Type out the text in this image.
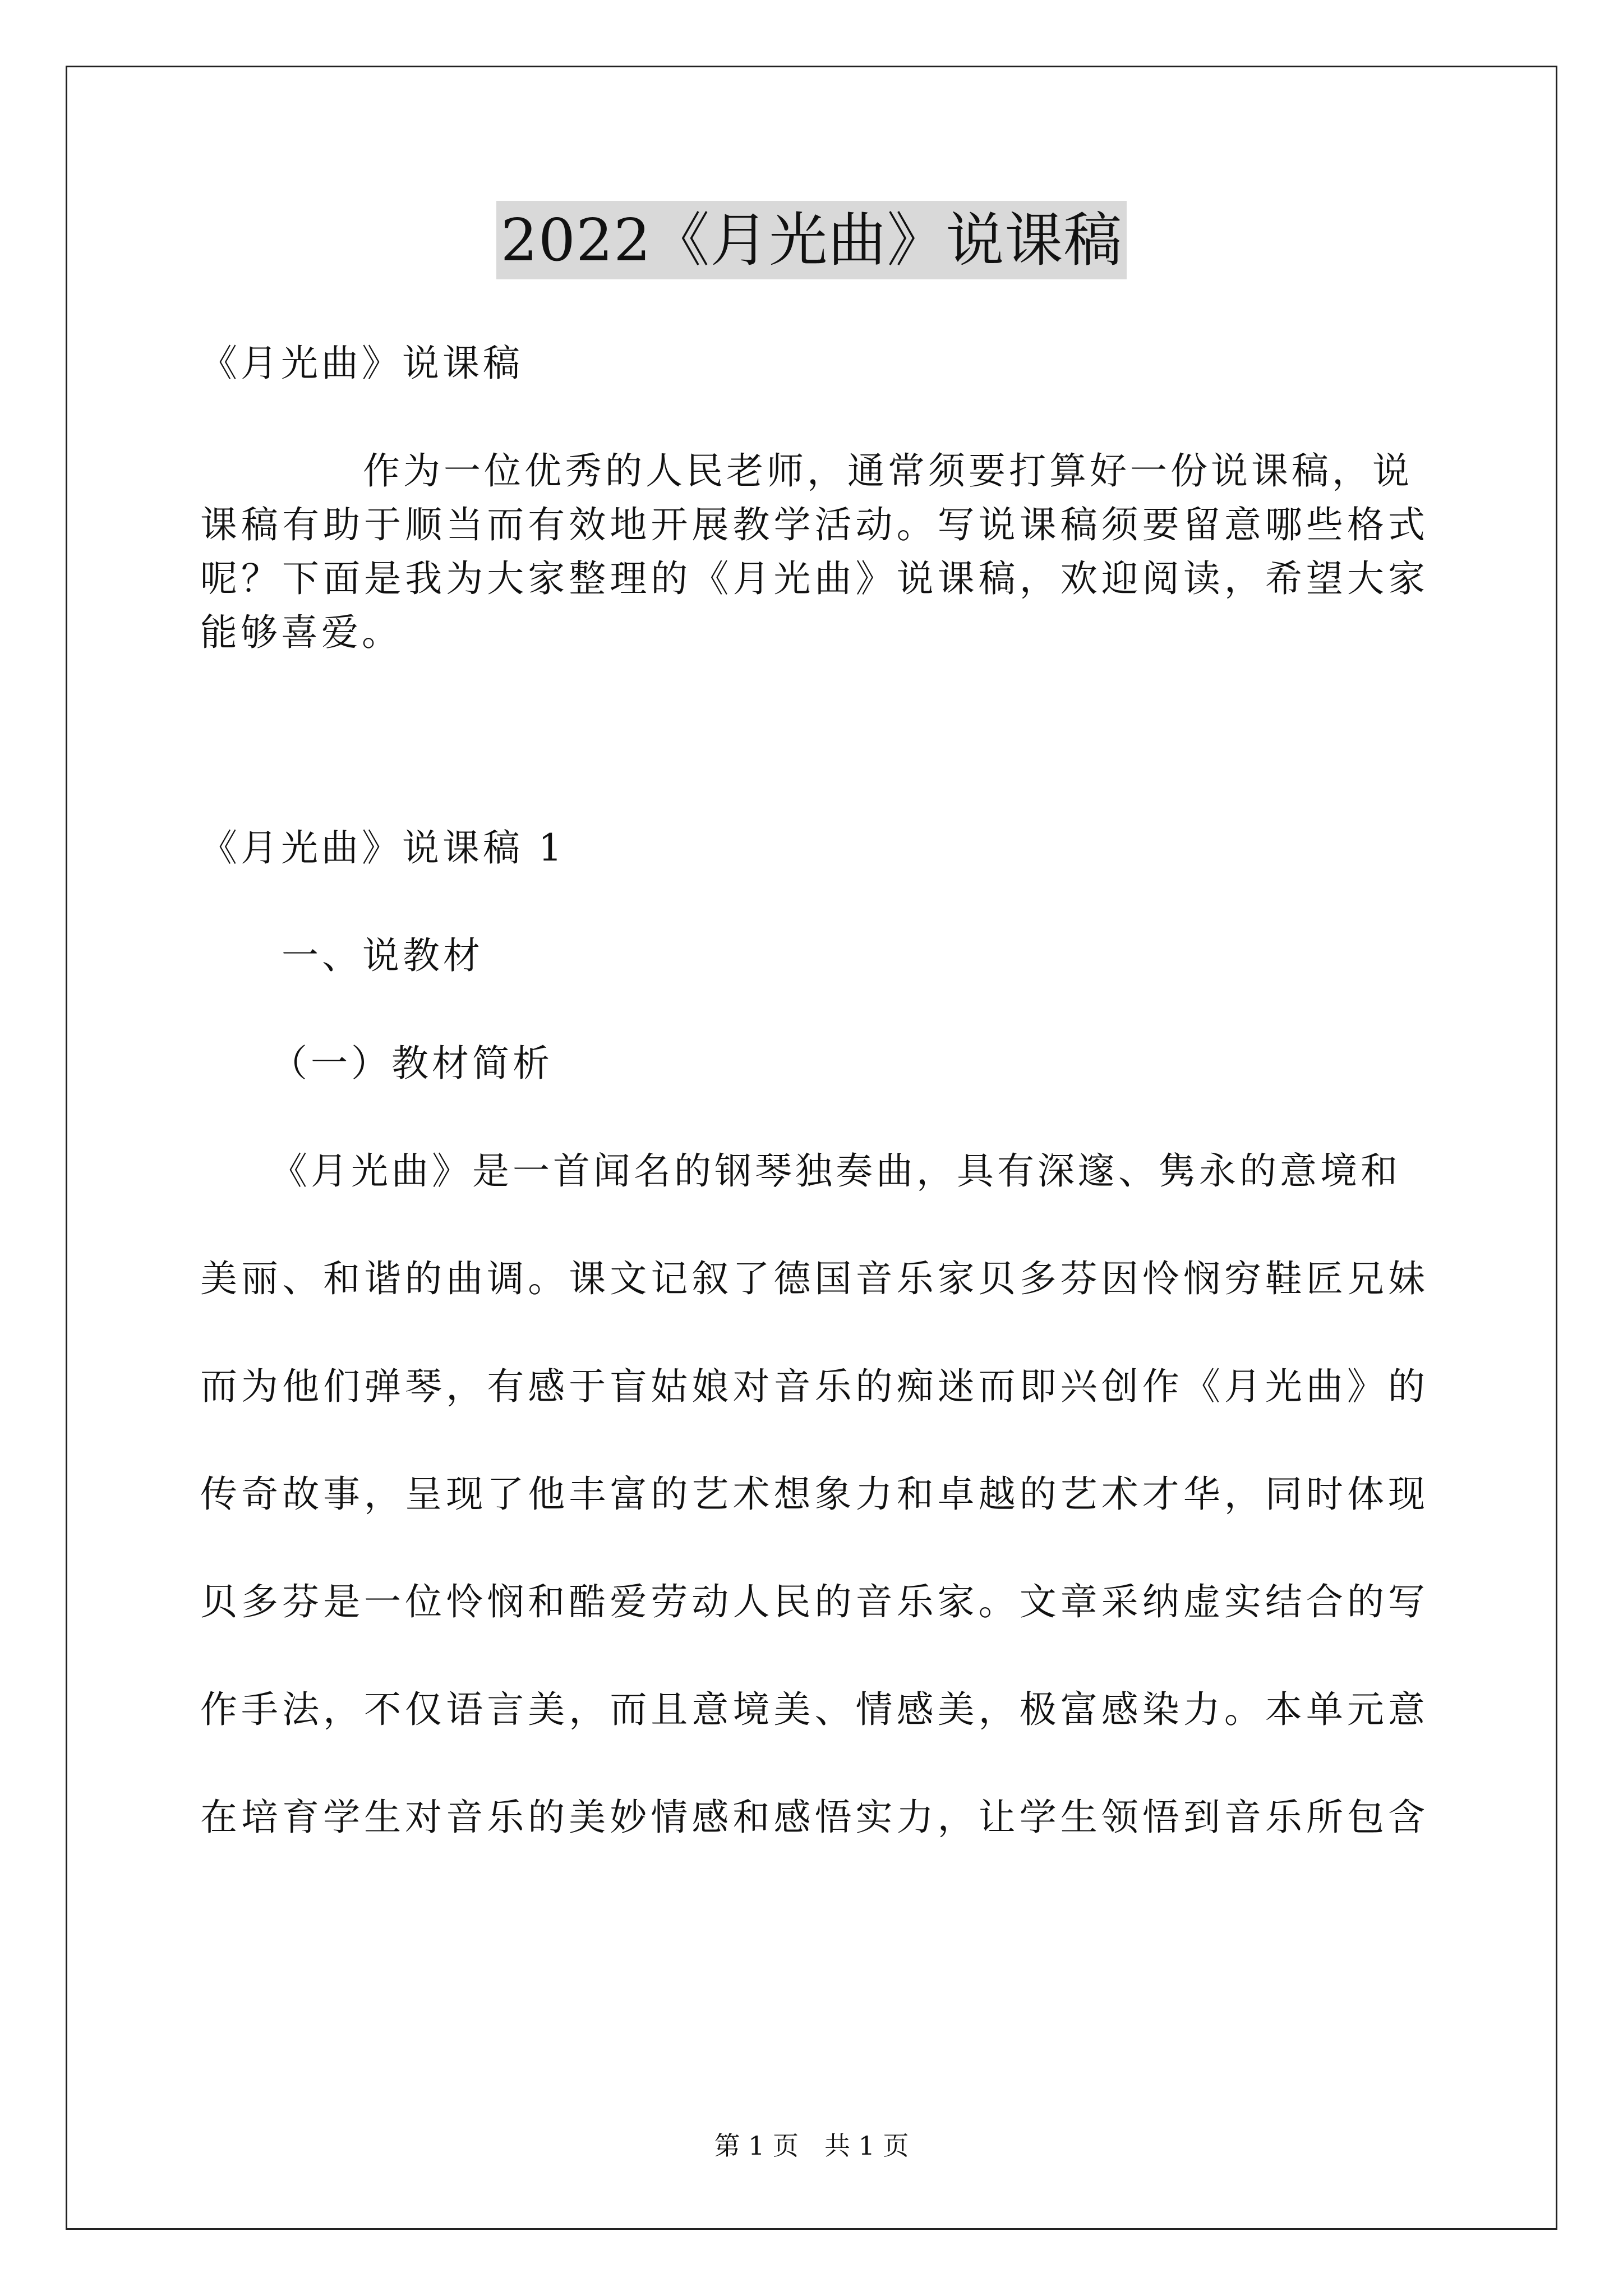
2022《月光曲》说课稿
《月光曲》说课稿
作为一位优秀的人民老师，通常须要打算好一份说课稿，说
课稿有助于顺当而有效地开展教学活动。写说课稿须要留意哪些格式
呢？下面是我为大家整理的《月光曲》说课稿，欢迎阅读，希望大家
能够喜爱。
《月光曲》说课稿 1
一、说教材
（一）教材简析
《月光曲》是一首闻名的钢琴独奏曲，具有深邃、隽永的意境和
美丽、和谐的曲调。课文记叙了德国音乐家贝多芬因怜悯穷鞋匠兄妹
而为他们弹琴，有感于盲姑娘对音乐的痴迷而即兴创作《月光曲》的
传奇故事，呈现了他丰富的艺术想象力和卓越的艺术才华，同时体现
贝多芬是一位怜悯和酷爱劳动人民的音乐家。文章采纳虚实结合的写
作手法，不仅语言美，而且意境美、情感美，极富感染力。本单元意
在培育学生对音乐的美妙情感和感悟实力，让学生领悟到音乐所包含
第 1 页　共 1 页
